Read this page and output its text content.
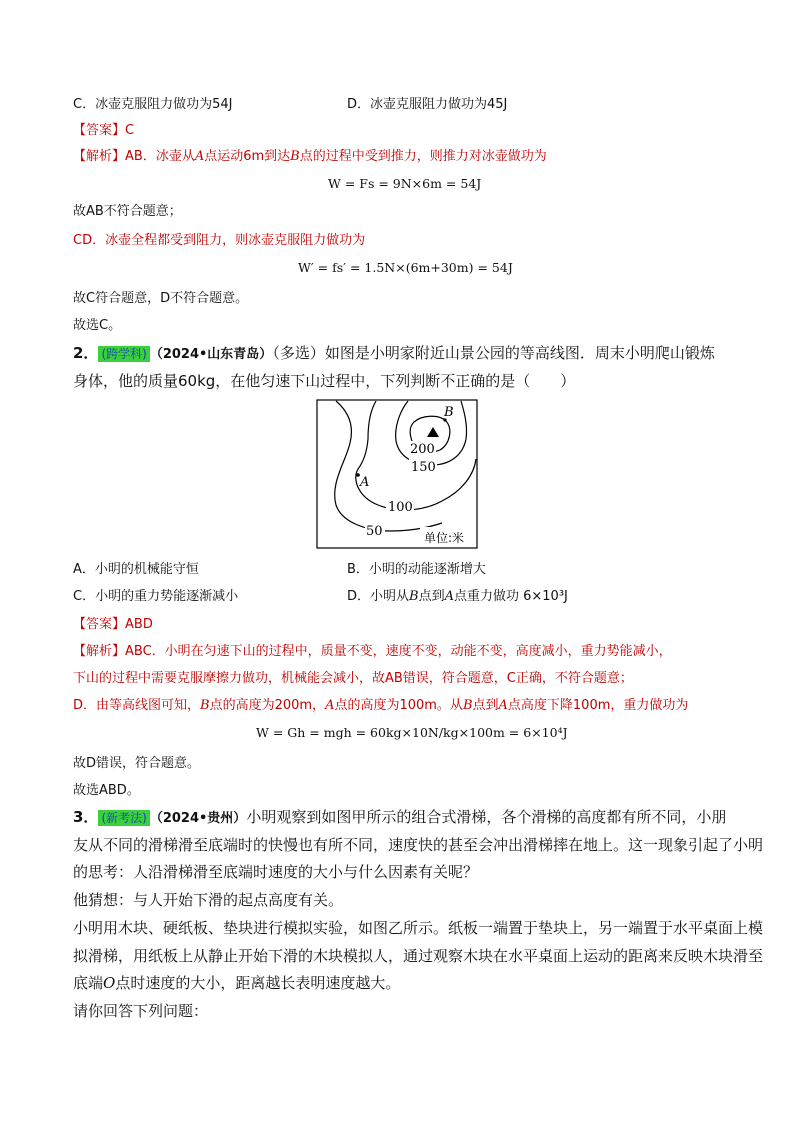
C．冰壶克服阻力做功为54J	D．冰壶克服阻力做功为45J
【答案】C
【解析】AB．冰壶从A点运动6m到达B点的过程中受到推力，则推力对冰壶做功为
W = Fs = 9N×6m = 54J
故AB不符合题意；
CD．冰壶全程都受到阻力，则冰壶克服阻力做功为
W′ = fs′ = 1.5N×(6m+30m) = 54J
故C符合题意，D不符合题意。
故选C。
2． (跨学科) （2024•山东青岛）（多选）如图是小明家附近山景公园的等高线图．周末小明爬山锻炼
身体，他的质量60kg，在他匀速下山过程中，下列判断不正确的是（　　）
B
A
200
150
100
50	单位:米
A．小明的机械能守恒	B．小明的动能逐渐增大
C．小明的重力势能逐渐减小	D．小明从B点到A点重力做功 6×10³J
【答案】ABD
【解析】ABC．小明在匀速下山的过程中，质量不变，速度不变，动能不变，高度减小，重力势能减小，
下山的过程中需要克服摩擦力做功，机械能会减小，故AB错误，符合题意，C正确，不符合题意；
D．由等高线图可知，B点的高度为200m，A点的高度为100m。从B点到A点高度下降100m，重力做功为
W = Gh = mgh = 60kg×10N/kg×100m = 6×10⁴J
故D错误，符合题意。
故选ABD。
3． (新考法) （2024•贵州）小明观察到如图甲所示的组合式滑梯，各个滑梯的高度都有所不同，小朋
友从不同的滑梯滑至底端时的快慢也有所不同，速度快的甚至会冲出滑梯摔在地上。这一现象引起了小明
的思考：人沿滑梯滑至底端时速度的大小与什么因素有关呢？
他猜想：与人开始下滑的起点高度有关。
小明用木块、硬纸板、垫块进行模拟实验，如图乙所示。纸板一端置于垫块上，另一端置于水平桌面上模
拟滑梯，用纸板上从静止开始下滑的木块模拟人，通过观察木块在水平桌面上运动的距离来反映木块滑至
底端O点时速度的大小，距离越长表明速度越大。
请你回答下列问题：
